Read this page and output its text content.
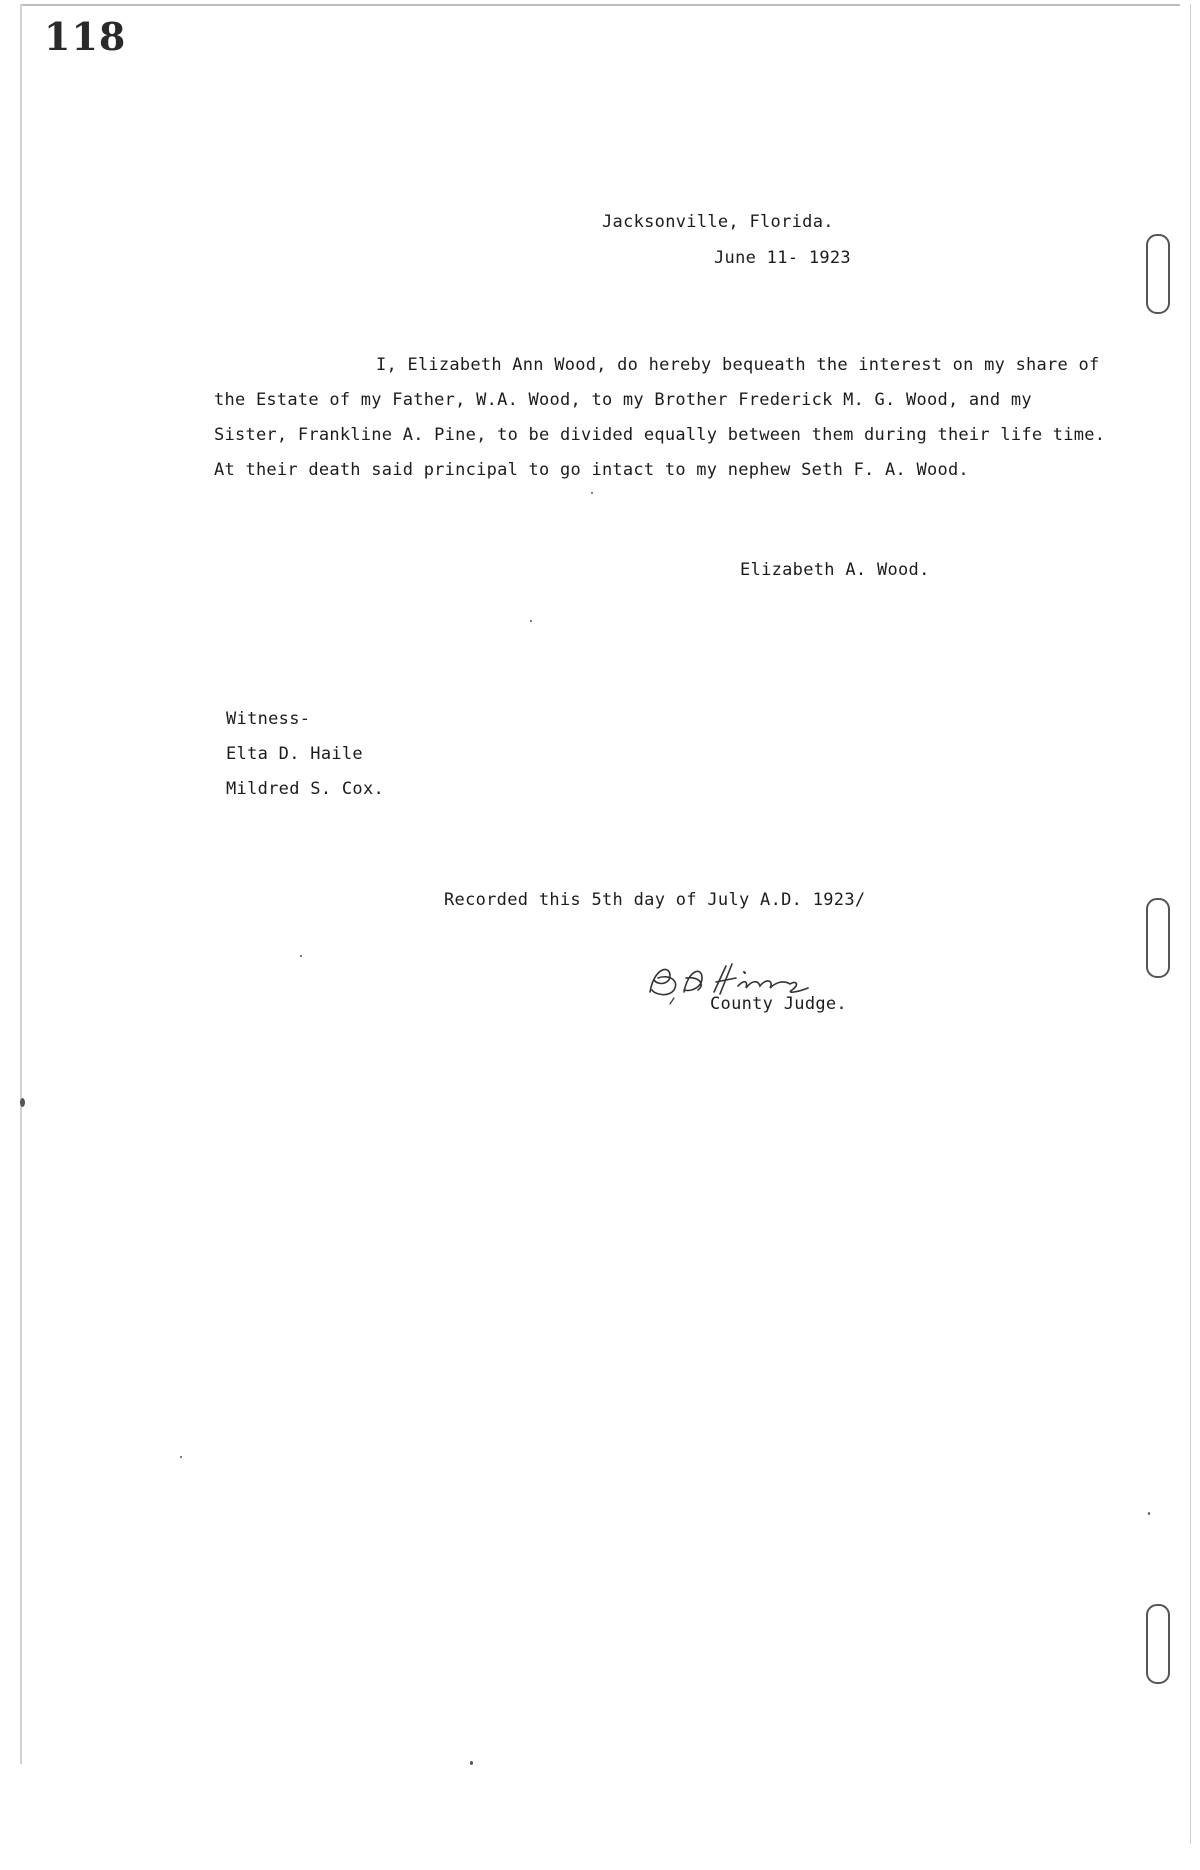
118
Jacksonville, Florida.
June 11- 1923
I, Elizabeth Ann Wood, do hereby bequeath the interest on my share of
the Estate of my Father, W.A. Wood, to my Brother Frederick M. G. Wood, and my
Sister, Frankline A. Pine, to be divided equally between them during their life time.
At their death said principal to go intact to my nephew Seth F. A. Wood.
Elizabeth A. Wood.
Witness-
Elta D. Haile
Mildred S. Cox.
Recorded this 5th day of July A.D. 1923/
County Judge.
